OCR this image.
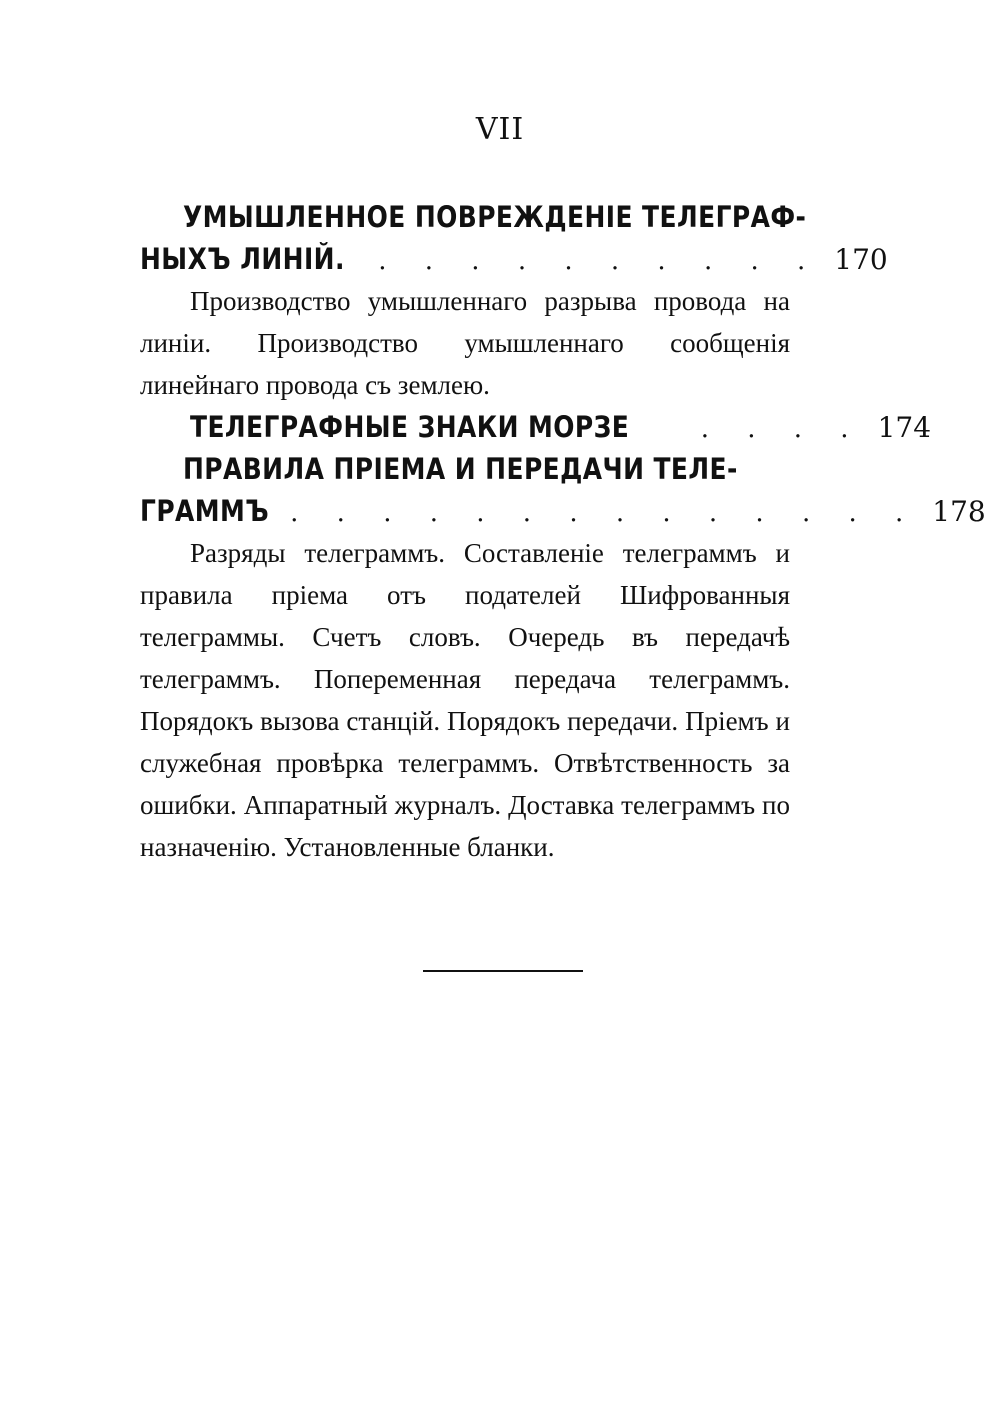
VII
УМЫШЛЕННОЕ ПОВРЕЖДЕНІЕ ТЕЛЕГРАФ-
НЫХЪ ЛИНІЙ. . . . . . . . . . . 170
Производство умышленнаго разрыва провода на линіи. Производство умышленнаго сообщенія линейнаго провода съ землею.
ТЕЛЕГРАФНЫЕ ЗНАКИ МОРЗЕ	. . . . 174
ПРАВИЛА ПРІЕМА И ПЕРЕДАЧИ ТЕЛЕ-
ГРАММЪ . . . . . . . . . . . . . . 178
Разряды телеграммъ. Составленіе телеграммъ и правила пріема отъ подателей Шифрованныя телеграммы. Счетъ словъ. Очередь въ передачѣ телеграммъ. Попеременная передача телеграммъ. Порядокъ вызова станцій. Порядокъ передачи. Пріемъ и служебная провѣрка телеграммъ. Отвѣтственность за ошибки. Аппаратный журналъ. Доставка телеграммъ по назначенію. Установленные бланки.
